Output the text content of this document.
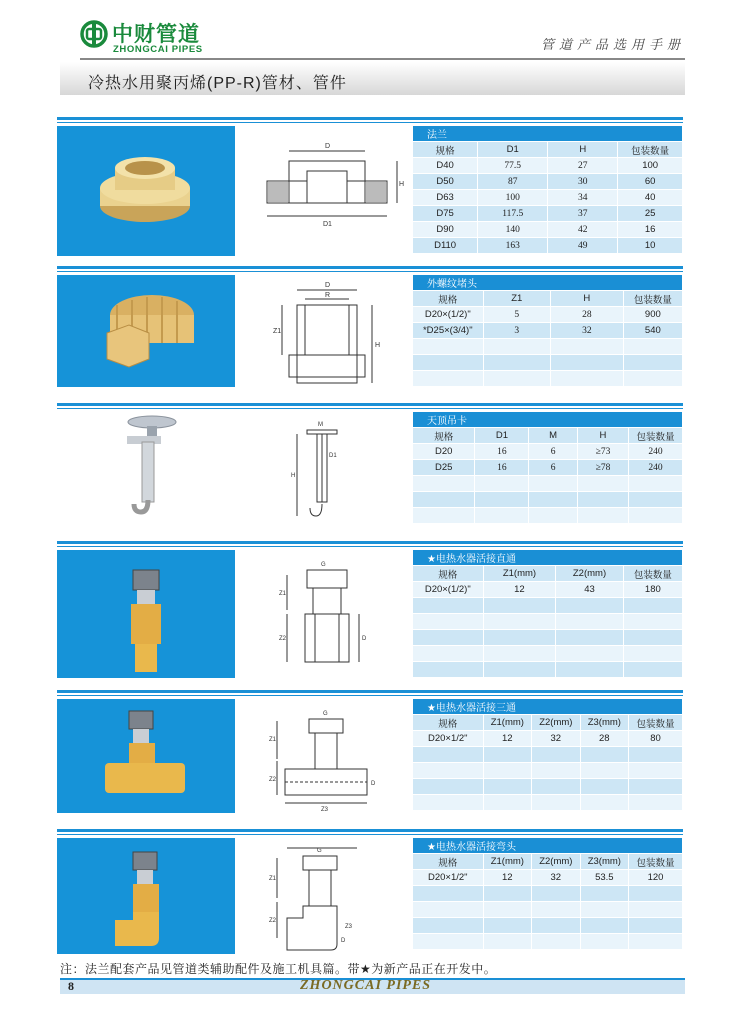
中财管道
ZHONGCAI PIPES	管道产品选用手册
冷热水用聚丙烯(PP-R)管材、管件
D
H
D1
法兰			
规格	D1	H	包装数量
D40	77.5	27	100
D50	87	30	60
D63	100	34	40
D75	117.5	37	25
D90	140	42	16
D110	163	49	10
D
R
Z1
H
外螺纹堵头			
规格	Z1	H	包装数量
D20×(1/2)"	5	28	900
*D25×(3/4)"	3	32	540

M
D1
H
天顶吊卡				
规格	D1	M	H	包装数量
D20	16	6	≥73	240
D25	16	6	≥78	240

G
Z1
Z2	D
★电热水器活接直通			
规格	Z1(mm)	Z2(mm)	包装数量
D20×(1/2)"	12	43	180

G
Z1
Z2
D
Z3
★电热水器活接三通				
规格	Z1(mm)	Z2(mm)	Z3(mm)	包装数量
D20×1/2"	12	32	28	80

G
Z1
Z2
Z3
D
★电热水器活接弯头				
规格	Z1(mm)	Z2(mm)	Z3(mm)	包装数量
D20×1/2"	12	32	53.5	120

注：法兰配套产品见管道类辅助配件及施工机具篇。带★为新产品正在开发中。
8	ZHONGCAI PIPES
